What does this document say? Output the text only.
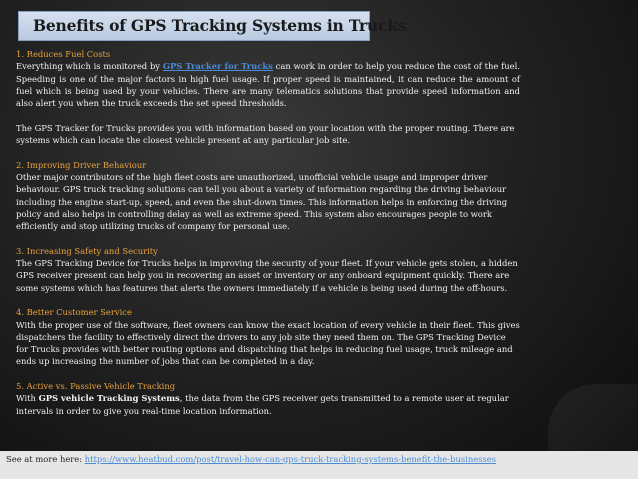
Benefits of GPS Tracking Systems in Trucks

1. Reduces Fuel Costs
Everything which is monitored by GPS Tracker for Trucks can work in order to help you reduce the cost of the fuel. Speeding is one of the major factors in high fuel usage. If proper speed is maintained, it can reduce the amount of fuel which is being used by your vehicles. There are many telematics solutions that provide speed information and also alert you when the truck exceeds the set speed thresholds.

The GPS Tracker for Trucks provides you with information based on your location with the proper routing. There are systems which can locate the closest vehicle present at any particular job site.

2. Improving Driver Behaviour
Other major contributors of the high fleet costs are unauthorized, unofficial vehicle usage and improper driver behaviour. GPS truck tracking solutions can tell you about a variety of information regarding the driving behaviour including the engine start-up, speed, and even the shut-down times. This information helps in enforcing the driving policy and also helps in controlling delay as well as extreme speed. This system also encourages people to work efficiently and stop utilizing trucks of company for personal use.

3. Increasing Safety and Security
The GPS Tracking Device for Trucks helps in improving the security of your fleet. If your vehicle gets stolen, a hidden GPS receiver present can help you in recovering an asset or inventory or any onboard equipment quickly. There are some systems which has features that alerts the owners immediately if a vehicle is being used during the off-hours.

4. Better Customer Service
With the proper use of the software, fleet owners can know the exact location of every vehicle in their fleet. This gives dispatchers the facility to effectively direct the drivers to any job site they need them on. The GPS Tracking Device for Trucks provides with better routing options and dispatching that helps in reducing fuel usage, truck mileage and ends up increasing the number of jobs that can be completed in a day.

5. Active vs. Passive Vehicle Tracking
With GPS vehicle Tracking Systems, the data from the GPS receiver gets transmitted to a remote user at regular intervals in order to give you real-time location information.

See at more here: https://www.heatbud.com/post/travel-how-can-gps-truck-tracking-systems-benefit-the-businesses
